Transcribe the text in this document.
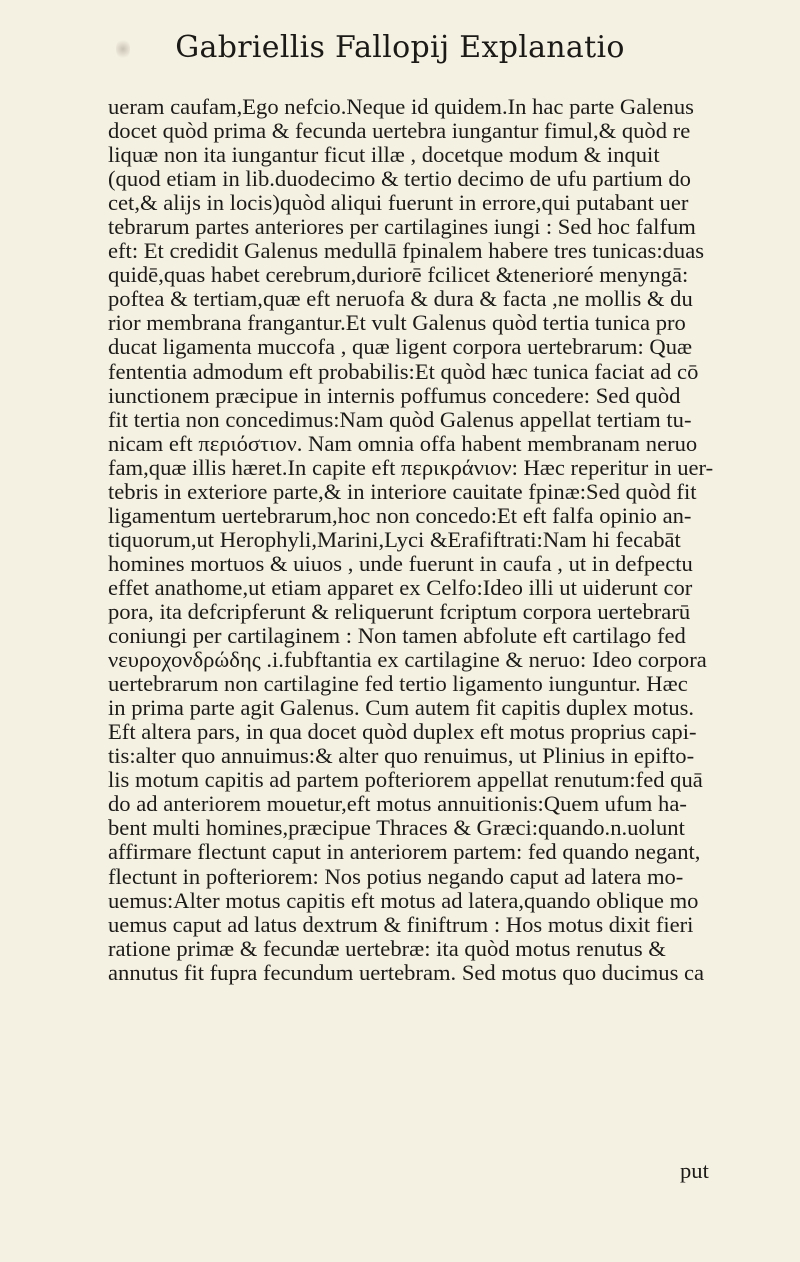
Gabriellis Fallopij Explanatio
ueram caufam,Ego nefcio.Neque id quidem.In hac parte Galenus
docet quòd prima & fecunda uertebra iungantur fimul,& quòd re
liquæ non ita iungantur ficut illæ , docetque modum & inquit
(quod etiam in lib.duodecimo & tertio decimo de ufu partium do
cet,& alijs in locis)quòd aliqui fuerunt in errore,qui putabant uer
tebrarum partes anteriores per cartilagines iungi : Sed hoc falfum
eft: Et credidit Galenus medullā fpinalem habere tres tunicas:duas
quidē,quas habet cerebrum,duriorē fcilicet &tenerioré menyngā:
poftea & tertiam,quæ eft neruofa & dura & facta ,ne mollis & du
rior membrana frangantur.Et vult Galenus quòd tertia tunica pro
ducat ligamenta muccofa , quæ ligent corpora uertebrarum: Quæ
fententia admodum eft probabilis:Et quòd hæc tunica faciat ad cō
iunctionem præcipue in internis poffumus concedere: Sed quòd
fit tertia non concedimus:Nam quòd Galenus appellat tertiam tu-
nicam eft περιόστιον. Nam omnia offa habent membranam neruo
fam,quæ illis hæret.In capite eft περικράνιον: Hæc reperitur in uer-
tebris in exteriore parte,& in interiore cauitate fpinæ:Sed quòd fit
ligamentum uertebrarum,hoc non concedo:Et eft falfa opinio an-
tiquorum,ut Herophyli,Marini,Lyci &Erafiftrati:Nam hi fecabāt
homines mortuos & uiuos , unde fuerunt in caufa , ut in defpectu
effet anathome,ut etiam apparet ex Celfo:Ideo illi ut uiderunt cor
pora, ita defcripferunt & reliquerunt fcriptum corpora uertebrarū
coniungi per cartilaginem : Non tamen abfolute eft cartilago fed
νευροχονδρώδης .i.fubftantia ex cartilagine & neruo: Ideo corpora
uertebrarum non cartilagine fed tertio ligamento iunguntur. Hæc
in prima parte agit Galenus. Cum autem fit capitis duplex motus.
Eft altera pars, in qua docet quòd duplex eft motus proprius capi-
tis:alter quo annuimus:& alter quo renuimus, ut Plinius in epifto-
lis motum capitis ad partem pofteriorem appellat renutum:fed quā
do ad anteriorem mouetur,eft motus annuitionis:Quem ufum ha-
bent multi homines,præcipue Thraces & Græci:quando.n.uolunt
affirmare flectunt caput in anteriorem partem: fed quando negant,
flectunt in pofteriorem: Nos potius negando caput ad latera mo-
uemus:Alter motus capitis eft motus ad latera,quando oblique mo
uemus caput ad latus dextrum & finiftrum : Hos motus dixit fieri
ratione primæ & fecundæ uertebræ: ita quòd motus renutus &
annutus fit fupra fecundum uertebram. Sed motus quo ducimus ca
put
